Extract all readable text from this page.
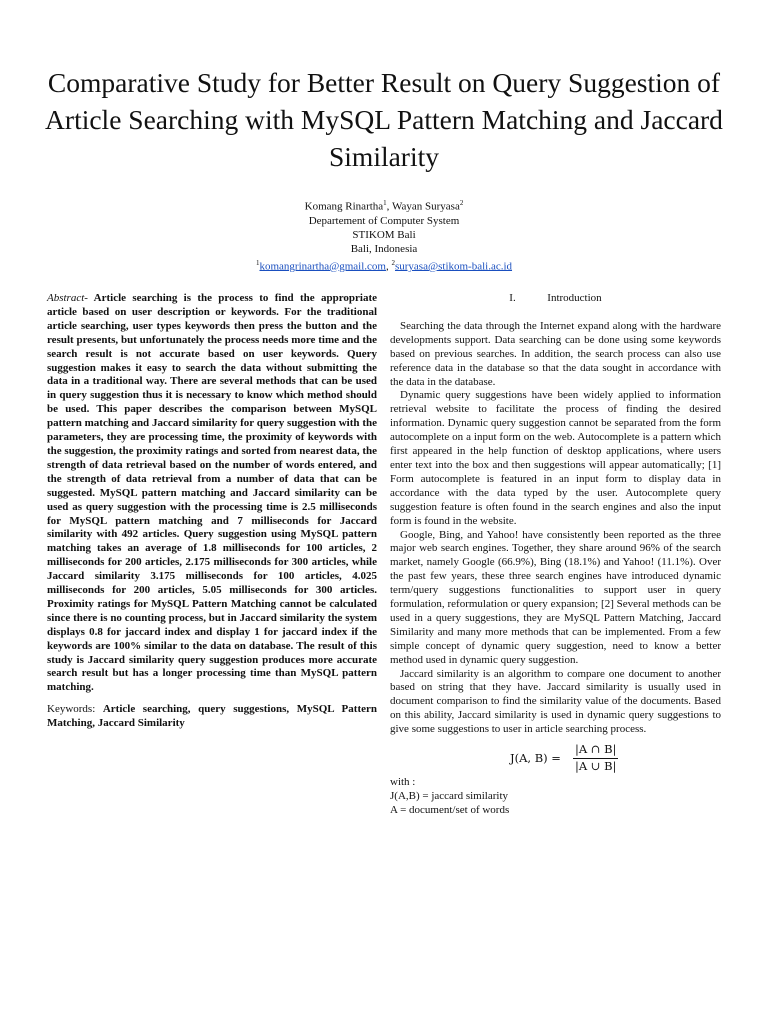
Comparative Study for Better Result on Query Suggestion of Article Searching with MySQL Pattern Matching and Jaccard Similarity
Komang Rinartha$^1$, Wayan Suryasa$^2$
Departement of Computer System
STIKOM Bali
Bali, Indonesia
$^1$komangrinartha@gmail.com, $^2$suryasa@stikom-bali.ac.id
Abstract- Article searching is the process to find the appropriate article based on user description or keywords. For the traditional article searching, user types keywords then press the button and the result presents, but unfortunately the process needs more time and the search result is not accurate based on user keywords. Query suggestion makes it easy to search the data without submitting the data in a traditional way. There are several methods that can be used in query suggestion thus it is necessary to know which method should be used. This paper describes the comparison between MySQL pattern matching and Jaccard similarity for query suggestion with the parameters, they are processing time, the proximity of keywords with the suggestion, the proximity ratings and sorted from nearest data, the strength of data retrieval based on the number of words entered, and the strength of data retrieval from a number of data that can be suggested. MySQL pattern matching and Jaccard similarity can be used as query suggestion with the processing time is 2.5 milliseconds for MySQL pattern matching and 7 milliseconds for Jaccard similarity with 492 articles. Query suggestion using MySQL pattern matching takes an average of 1.8 milliseconds for 100 articles, 2 milliseconds for 200 articles, 2.175 milliseconds for 300 articles, while Jaccard similarity 3.175 milliseconds for 100 articles, 4.025 milliseconds for 200 articles, 5.05 milliseconds for 300 articles. Proximity ratings for MySQL Pattern Matching cannot be calculated since there is no counting process, but in Jaccard similarity the system displays 0.8 for jaccard index and display 1 for jaccard index if the keywords are 100% similar to the data on database. The result of this study is Jaccard similarity query suggestion produces more accurate search result but has a longer processing time than MySQL pattern matching.
Keywords: Article searching, query suggestions, MySQL Pattern Matching, Jaccard Similarity
I.	Introduction

Searching the data through the Internet expand along with the hardware developments support. Data searching can be done using some keywords based on previous searches. In addition, the search process can also use reference data in the database so that the data sought in accordance with the data in the database.

Dynamic query suggestions have been widely applied to information retrieval website to facilitate the process of finding the desired information. Dynamic query suggestion cannot be separated from the form autocomplete on a input form on the web. Autocomplete is a pattern which first appeared in the help function of desktop applications, where users enter text into the box and then suggestions will appear automatically; [1] Form autocomplete is featured in an input form to display data in accordance with the data typed by the user. Autocomplete query suggestion feature is often found in the search engines and also the input form is found in the website.

Google, Bing, and Yahoo! have consistently been reported as the three major web search engines. Together, they share around 96% of the search market, namely Google (66.9%), Bing (18.1%) and Yahoo! (11.1%). Over the past few years, these three search engines have introduced dynamic term/query suggestions functionalities to support user in query formulation, reformulation or query expansion; [2] Several methods can be used in a query suggestions, they are MySQL Pattern Matching, Jaccard Similarity and many more methods that can be implemented. From a few simple concept of dynamic query suggestion, need to know a better method used in dynamic query suggestion.

Jaccard similarity is an algorithm to compare one document to another based on string that they have. Jaccard similarity is usually used in document comparison to find the similarity value of the documents. Based on this ability, Jaccard similarity is used in dynamic query suggestions to give some suggestions to user in article searching process.

J(A, $B) = \frac{|A \cap B|}{|A \cup B|}$
with :
J(A,B) = jaccard similarity
A = document/set of words
